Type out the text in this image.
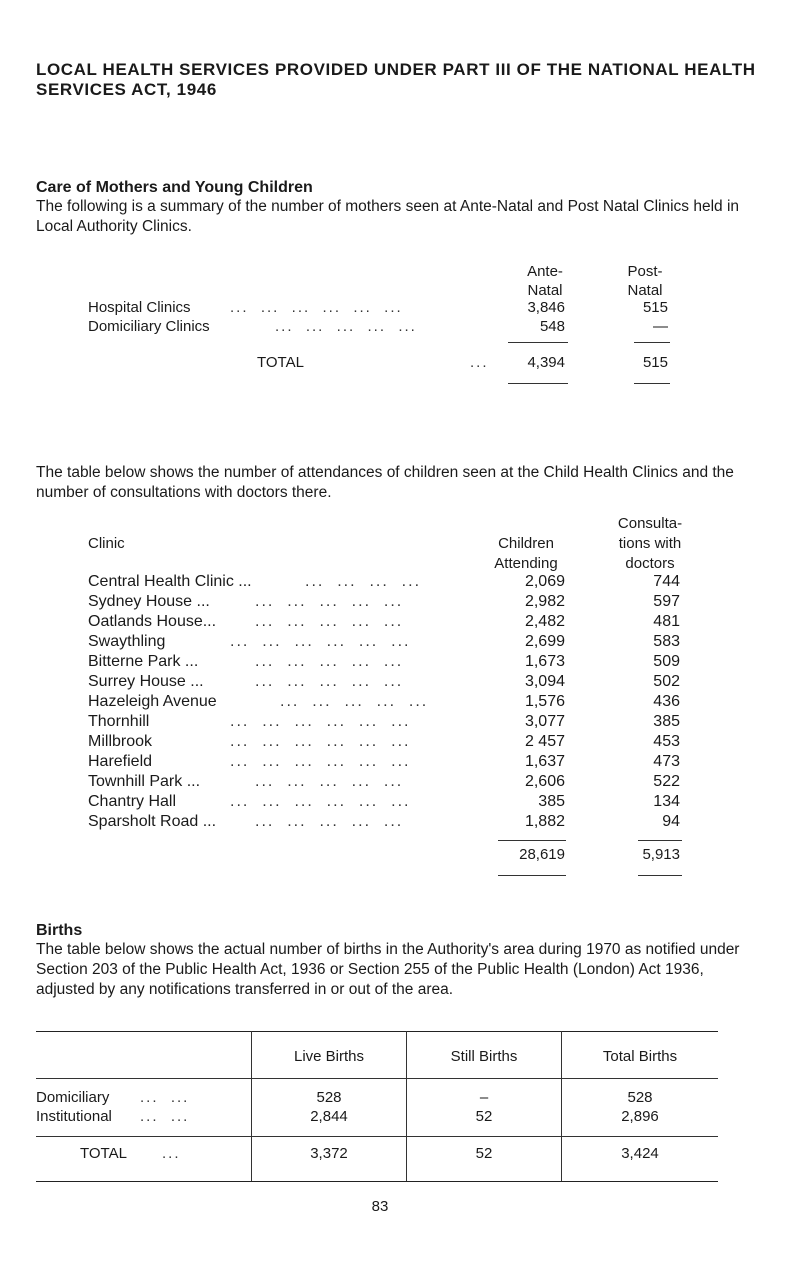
LOCAL HEALTH SERVICES PROVIDED UNDER PART III OF THE NATIONAL HEALTH SERVICES ACT, 1946
Care of Mothers and Young Children
The following is a summary of the number of mothers seen at Ante-Natal and Post Natal Clinics held in Local Authority Clinics.
Ante-
Natal
Post-
Natal
Hospital Clinics	...  ...  ...  ...  ...  ...	3,846	515
Domiciliary Clinics	...  ...  ...  ...  ...	548	—
TOTAL	...	4,394	515
The table below shows the number of attendances of children seen at the Child Health Clinics and the number of consultations with doctors there.
Clinic	Children
Attending
Consulta-
tions with
doctors
Central Health Clinic ...	...  ...  ...  ...	2,069	744
Sydney House ...	...  ...  ...  ...  ...	2,982	597
Oatlands House... ...  ...  ...  ...  ...	2,482	481
Swaythling	...  ...  ...  ...  ...  ...	2,699	583
Bitterne Park ...	...  ...  ...  ...  ...	1,673	509
Surrey House ...	...  ...  ...  ...  ...	3,094	502
Hazeleigh Avenue	...  ...  ...  ...  ...	1,576	436
Thornhill	...  ...  ...  ...  ...  ...	3,077	385
Millbrook	...  ...  ...  ...  ...  ...	2 457	453
Harefield	...  ...  ...  ...  ...  ...	1,637	473
Townhill Park ...	...  ...  ...  ...  ...	2,606	522
Chantry Hall	...  ...  ...  ...  ...  ...	385	134
Sparsholt Road ... ...  ...  ...  ...  ...	1,882	94
28,619	5,913
Births
The table below shows the actual number of births in the Authority's area during 1970 as notified under Section 203 of the Public Health Act, 1936 or Section 255 of the Public Health (London) Act 1936, adjusted by any notifications transferred in or out of the area.
Live Births	Still Births	Total Births
Domiciliary ...  ...	528	–	528
Institutional ...  ...	2,844	52	2,896
TOTAL ...	3,372	52	3,424
83
